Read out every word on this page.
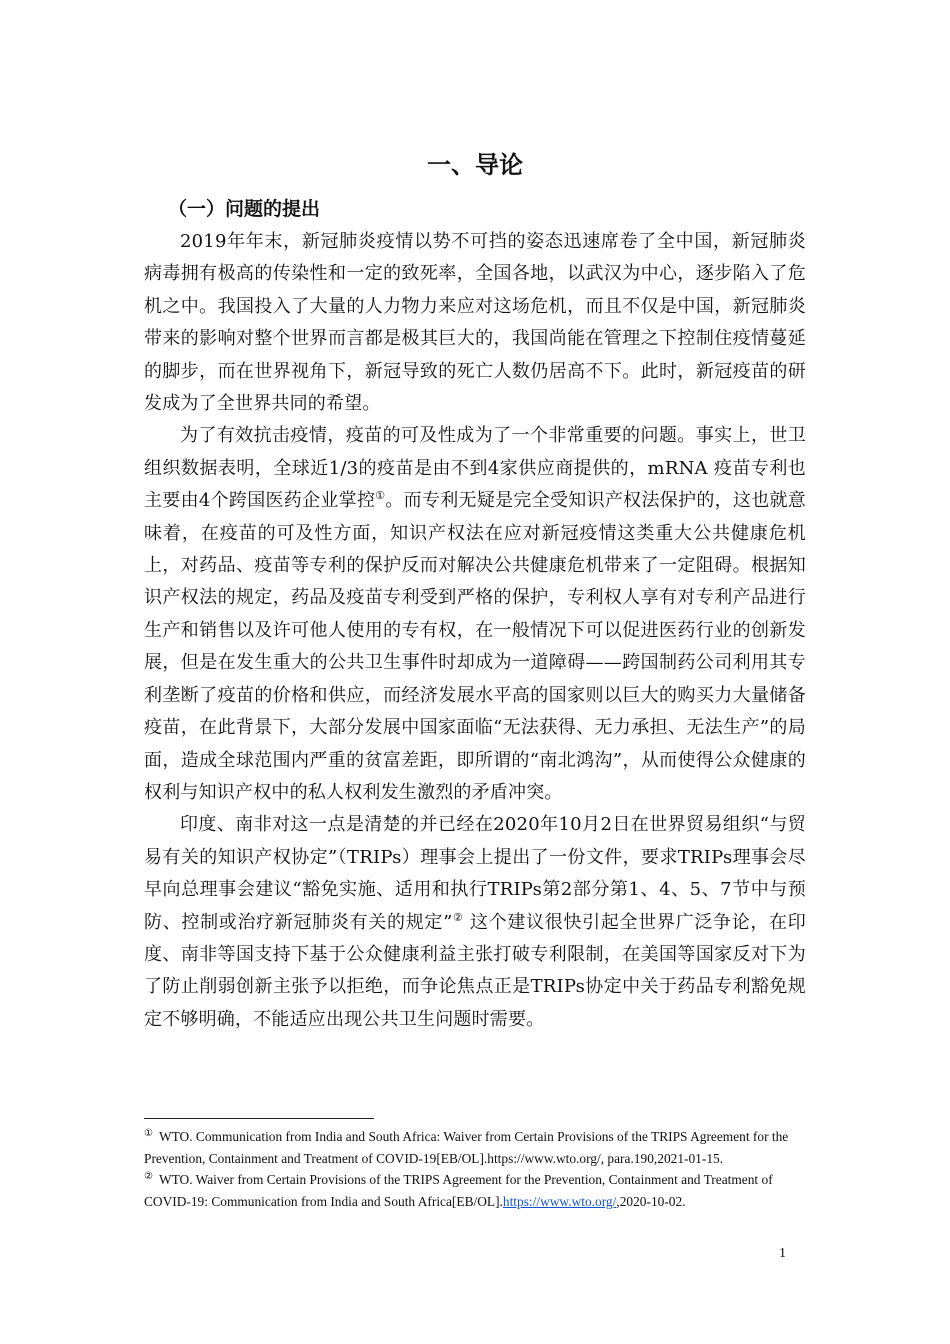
一、导论
（一）问题的提出

2019年年末，新冠肺炎疫情以势不可挡的姿态迅速席卷了全中国，新冠肺炎病毒拥有极高的传染性和一定的致死率，全国各地，以武汉为中心，逐步陷入了危机之中。我国投入了大量的人力物力来应对这场危机，而且不仅是中国，新冠肺炎带来的影响对整个世界而言都是极其巨大的，我国尚能在管理之下控制住疫情蔓延的脚步，而在世界视角下，新冠导致的死亡人数仍居高不下。此时，新冠疫苗的研发成为了全世界共同的希望。

为了有效抗击疫情，疫苗的可及性成为了一个非常重要的问题。事实上，世卫组织数据表明，全球近1/3的疫苗是由不到4家供应商提供的，mRNA 疫苗专利也主要由4个跨国医药企业掌控①。而专利无疑是完全受知识产权法保护的，这也就意味着，在疫苗的可及性方面，知识产权法在应对新冠疫情这类重大公共健康危机上，对药品、疫苗等专利的保护反而对解决公共健康危机带来了一定阻碍。根据知识产权法的规定，药品及疫苗专利受到严格的保护，专利权人享有对专利产品进行生产和销售以及许可他人使用的专有权，在一般情况下可以促进医药行业的创新发展，但是在发生重大的公共卫生事件时却成为一道障碍——跨国制药公司利用其专利垄断了疫苗的价格和供应，而经济发展水平高的国家则以巨大的购买力大量储备疫苗，在此背景下，大部分发展中国家面临“无法获得、无力承担、无法生产”的局面，造成全球范围内严重的贫富差距，即所谓的“南北鸿沟”，从而使得公众健康的权利与知识产权中的私人权利发生激烈的矛盾冲突。

印度、南非对这一点是清楚的并已经在2020年10月2日在世界贸易组织“与贸易有关的知识产权协定”（TRIPs）理事会上提出了一份文件，要求TRIPs理事会尽早向总理事会建议“豁免实施、适用和执行TRIPs第2部分第1、4、5、7节中与预防、控制或治疗新冠肺炎有关的规定”② 这个建议很快引起全世界广泛争论，在印度、南非等国支持下基于公众健康利益主张打破专利限制，在美国等国家反对下为了防止削弱创新主张予以拒绝，而争论焦点正是TRIPs协定中关于药品专利豁免规定不够明确，不能适应出现公共卫生问题时需要。

① WTO. Communication from India and South Africa: Waiver from Certain Provisions of the TRIPS Agreement for the Prevention, Containment and Treatment of COVID-19[EB/OL].https://www.wto.org/, para.190,2021-01-15.

② WTO. Waiver from Certain Provisions of the TRIPS Agreement for the Prevention, Containment and Treatment of COVID-19: Communication from India and South Africa[EB/OL].https://www.wto.org/,2020-10-02.

1
